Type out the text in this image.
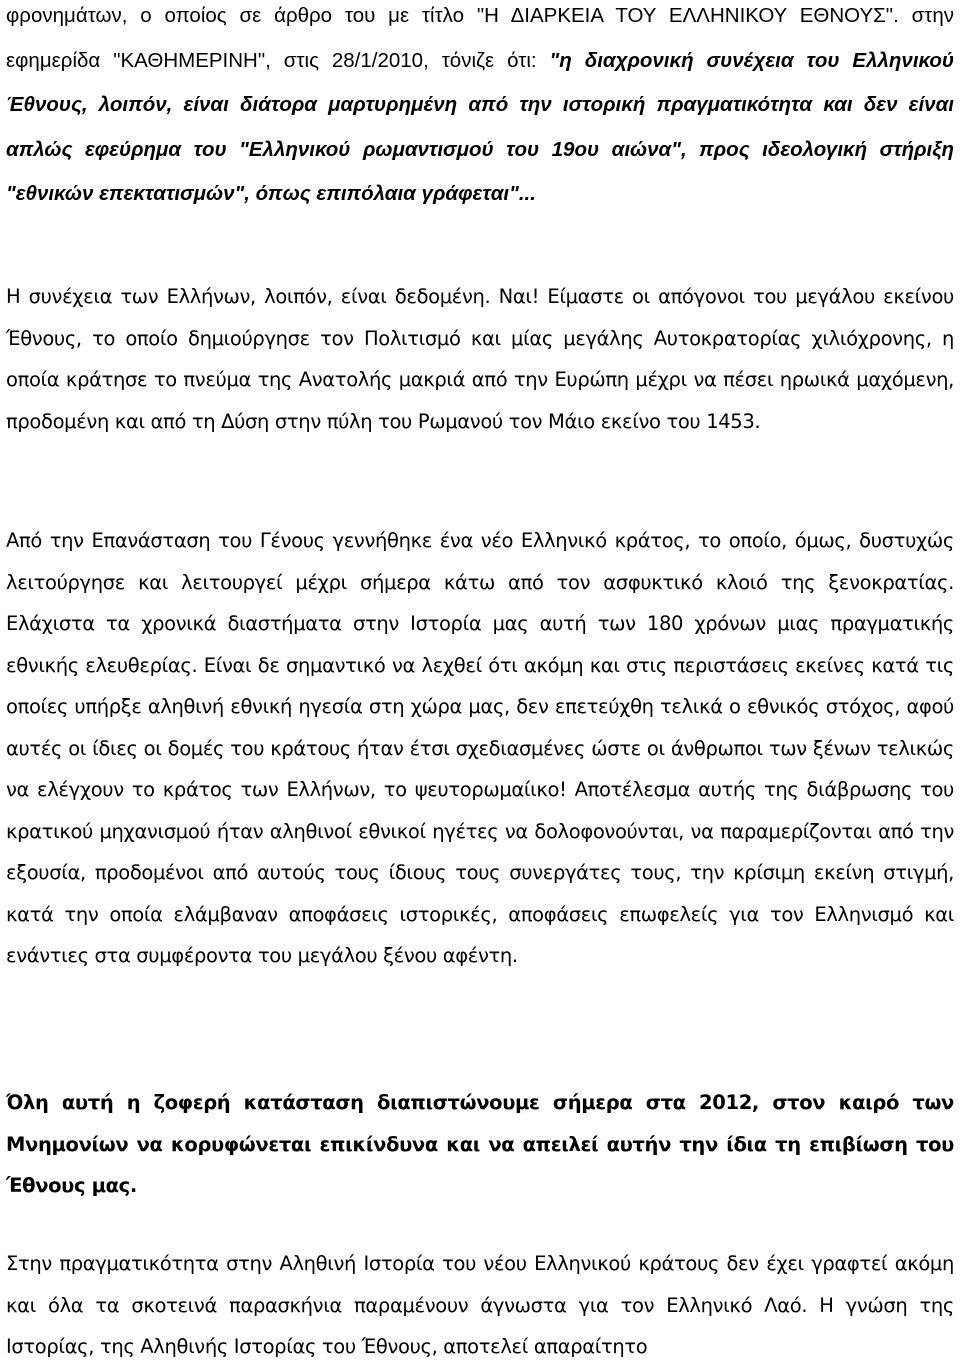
φρονημάτων, ο οποίος σε άρθρο του με τίτλο "Η ΔΙΑΡΚΕΙΑ ΤΟΥ ΕΛΛΗΝΙΚΟΥ ΕΘΝΟΥΣ". στην εφημερίδα "ΚΑΘΗΜΕΡΙΝΗ", στις 28/1/2010, τόνιζε ότι: "η διαχρονική συνέχεια του Ελληνικού Έθνους, λοιπόν, είναι διάτορα μαρτυρημένη από την ιστορική πραγματικότητα και δεν είναι απλώς εφεύρημα του "Ελληνικού ρωμαντισμού του 19ου αιώνα", προς ιδεολογική στήριξη "εθνικών επεκτατισμών", όπως επιπόλαια γράφεται"...

Η συνέχεια των Ελλήνων, λοιπόν, είναι δεδομένη. Ναι! Είμαστε οι απόγονοι του μεγάλου εκείνου Έθνους, το οποίο δημιούργησε τον Πολιτισμό και μίας μεγάλης Αυτοκρατορίας χιλιόχρονης, η οποία κράτησε το πνεύμα της Ανατολής μακριά από την Ευρώπη μέχρι να πέσει ηρωικά μαχόμενη, προδομένη και από τη Δύση στην πύλη του Ρωμανού τον Μάιο εκείνο του 1453.

Από την Επανάσταση του Γένους γεννήθηκε ένα νέο Ελληνικό κράτος, το οποίο, όμως, δυστυχώς λειτούργησε και λειτουργεί μέχρι σήμερα κάτω από τον ασφυκτικό κλοιό της ξενοκρατίας. Ελάχιστα τα χρονικά διαστήματα στην Ιστορία μας αυτή των 180 χρόνων μιας πραγματικής εθνικής ελευθερίας. Είναι δε σημαντικό να λεχθεί ότι ακόμη και στις περιστάσεις εκείνες κατά τις οποίες υπήρξε αληθινή εθνική ηγεσία στη χώρα μας, δεν επετεύχθη τελικά ο εθνικός στόχος, αφού αυτές οι ίδιες οι δομές του κράτους ήταν έτσι σχεδιασμένες ώστε οι άνθρωποι των ξένων τελικώς να ελέγχουν το κράτος των Ελλήνων, το ψευτορωμαίικο! Αποτέλεσμα αυτής της διάβρωσης του κρατικού μηχανισμού ήταν αληθινοί εθνικοί ηγέτες να δολοφονούνται, να παραμερίζονται από την εξουσία, προδομένοι από αυτούς τους ίδιους τους συνεργάτες τους, την κρίσιμη εκείνη στιγμή, κατά την οποία ελάμβαναν αποφάσεις ιστορικές, αποφάσεις επωφελείς για τον Ελληνισμό και ενάντιες στα συμφέροντα του μεγάλου ξένου αφέντη.

Όλη αυτή η ζοφερή κατάσταση διαπιστώνουμε σήμερα στα 2012, στον καιρό των Μνημονίων να κορυφώνεται επικίνδυνα και να απειλεί αυτήν την ίδια τη επιβίωση του Έθνους μας.

Στην πραγματικότητα στην Αληθινή Ιστορία του νέου Ελληνικού κράτους δεν έχει γραφτεί ακόμη και όλα τα σκοτεινά παρασκήνια παραμένουν άγνωστα για τον Ελληνικό Λαό. Η γνώση της Ιστορίας, της Αληθινής Ιστορίας του Έθνους, αποτελεί απαραίτητο
